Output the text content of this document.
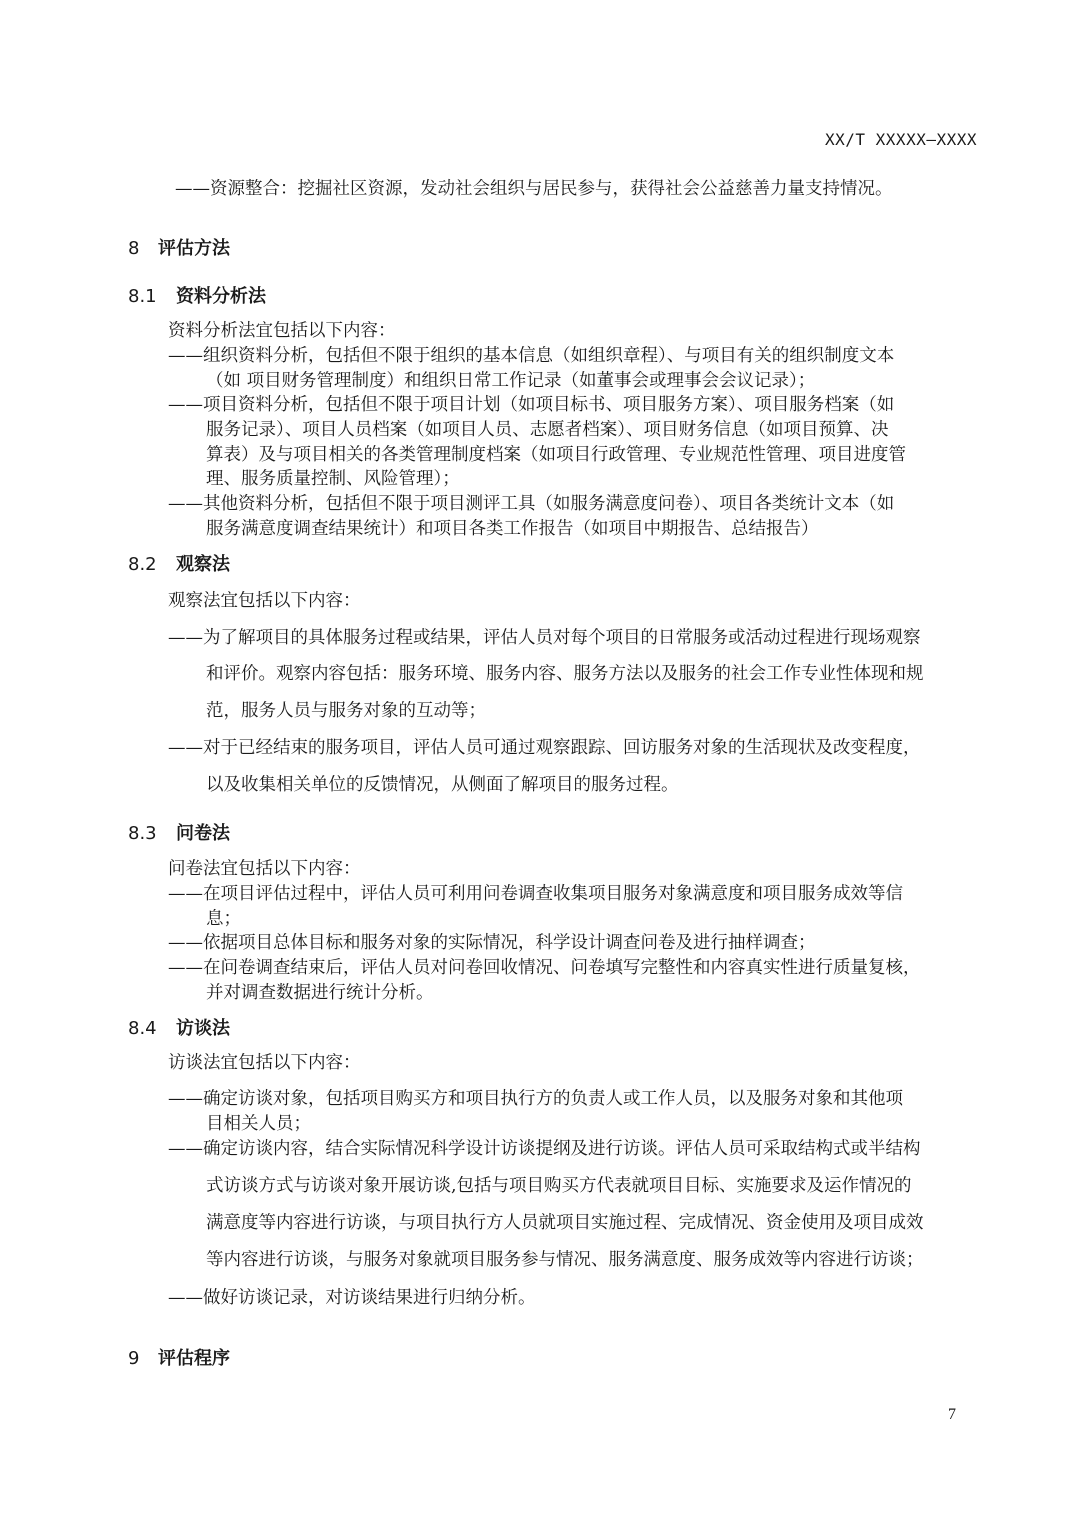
XX/T XXXXX—XXXX
——资源整合：挖掘社区资源，发动社会组织与居民参与，获得社会公益慈善力量支持情况。
8 评估方法
8.1 资料分析法
资料分析法宜包括以下内容：
——组织资料分析，包括但不限于组织的基本信息（如组织章程）、与项目有关的组织制度文本
（如 项目财务管理制度）和组织日常工作记录（如董事会或理事会会议记录）；
——项目资料分析，包括但不限于项目计划（如项目标书、项目服务方案）、项目服务档案（如
服务记录）、项目人员档案（如项目人员、志愿者档案）、项目财务信息（如项目预算、决
算表）及与项目相关的各类管理制度档案（如项目行政管理、专业规范性管理、项目进度管
理、服务质量控制、风险管理）；
——其他资料分析，包括但不限于项目测评工具（如服务满意度问卷）、项目各类统计文本（如
服务满意度调查结果统计）和项目各类工作报告（如项目中期报告、总结报告）
8.2 观察法
观察法宜包括以下内容：
——为了解项目的具体服务过程或结果，评估人员对每个项目的日常服务或活动过程进行现场观察
和评价。观察内容包括：服务环境、服务内容、服务方法以及服务的社会工作专业性体现和规
范，服务人员与服务对象的互动等；
——对于已经结束的服务项目，评估人员可通过观察跟踪、回访服务对象的生活现状及改变程度，
以及收集相关单位的反馈情况，从侧面了解项目的服务过程。
8.3 问卷法
问卷法宜包括以下内容：
——在项目评估过程中，评估人员可利用问卷调查收集项目服务对象满意度和项目服务成效等信
息；
——依据项目总体目标和服务对象的实际情况，科学设计调查问卷及进行抽样调查；
——在问卷调查结束后，评估人员对问卷回收情况、问卷填写完整性和内容真实性进行质量复核，
并对调查数据进行统计分析。
8.4 访谈法
访谈法宜包括以下内容：
——确定访谈对象，包括项目购买方和项目执行方的负责人或工作人员，以及服务对象和其他项
目相关人员；
——确定访谈内容，结合实际情况科学设计访谈提纲及进行访谈。评估人员可采取结构式或半结构
式访谈方式与访谈对象开展访谈,包括与项目购买方代表就项目目标、实施要求及运作情况的
满意度等内容进行访谈，与项目执行方人员就项目实施过程、完成情况、资金使用及项目成效
等内容进行访谈，与服务对象就项目服务参与情况、服务满意度、服务成效等内容进行访谈；
——做好访谈记录，对访谈结果进行归纳分析。
9 评估程序
7
